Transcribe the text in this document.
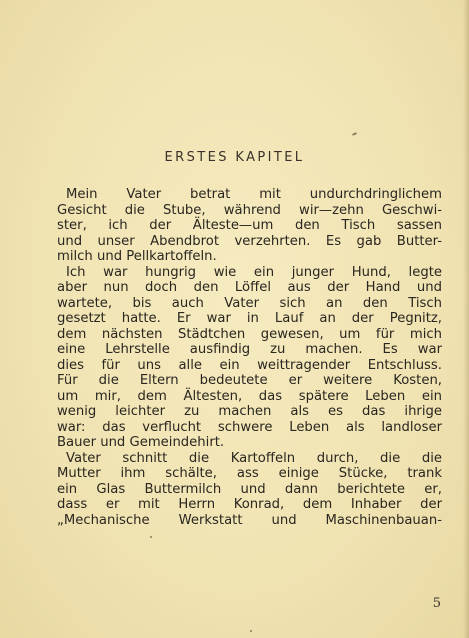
ERSTES KAPITEL
Mein Vater betrat mit undurchdringlichem
Gesicht die Stube, während wir—zehn Geschwi-
ster, ich der Älteste—um den Tisch sassen
und unser Abendbrot verzehrten. Es gab Butter-
milch und Pellkartoffeln.
Ich war hungrig wie ein junger Hund, legte
aber nun doch den Löffel aus der Hand und
wartete, bis auch Vater sich an den Tisch
gesetzt hatte. Er war in Lauf an der Pegnitz,
dem nächsten Städtchen gewesen, um für mich
eine Lehrstelle ausfindig zu machen. Es war
dies für uns alle ein weittragender Entschluss.
Für die Eltern bedeutete er weitere Kosten,
um mir, dem Ältesten, das spätere Leben ein
wenig leichter zu machen als es das ihrige
war: das verflucht schwere Leben als landloser
Bauer und Gemeindehirt.
Vater schnitt die Kartoffeln durch, die die
Mutter ihm schälte, ass einige Stücke, trank
ein Glas Buttermilch und dann berichtete er,
dass er mit Herrn Konrad, dem Inhaber der
„Mechanische Werkstatt und Maschinenbauan-
5
